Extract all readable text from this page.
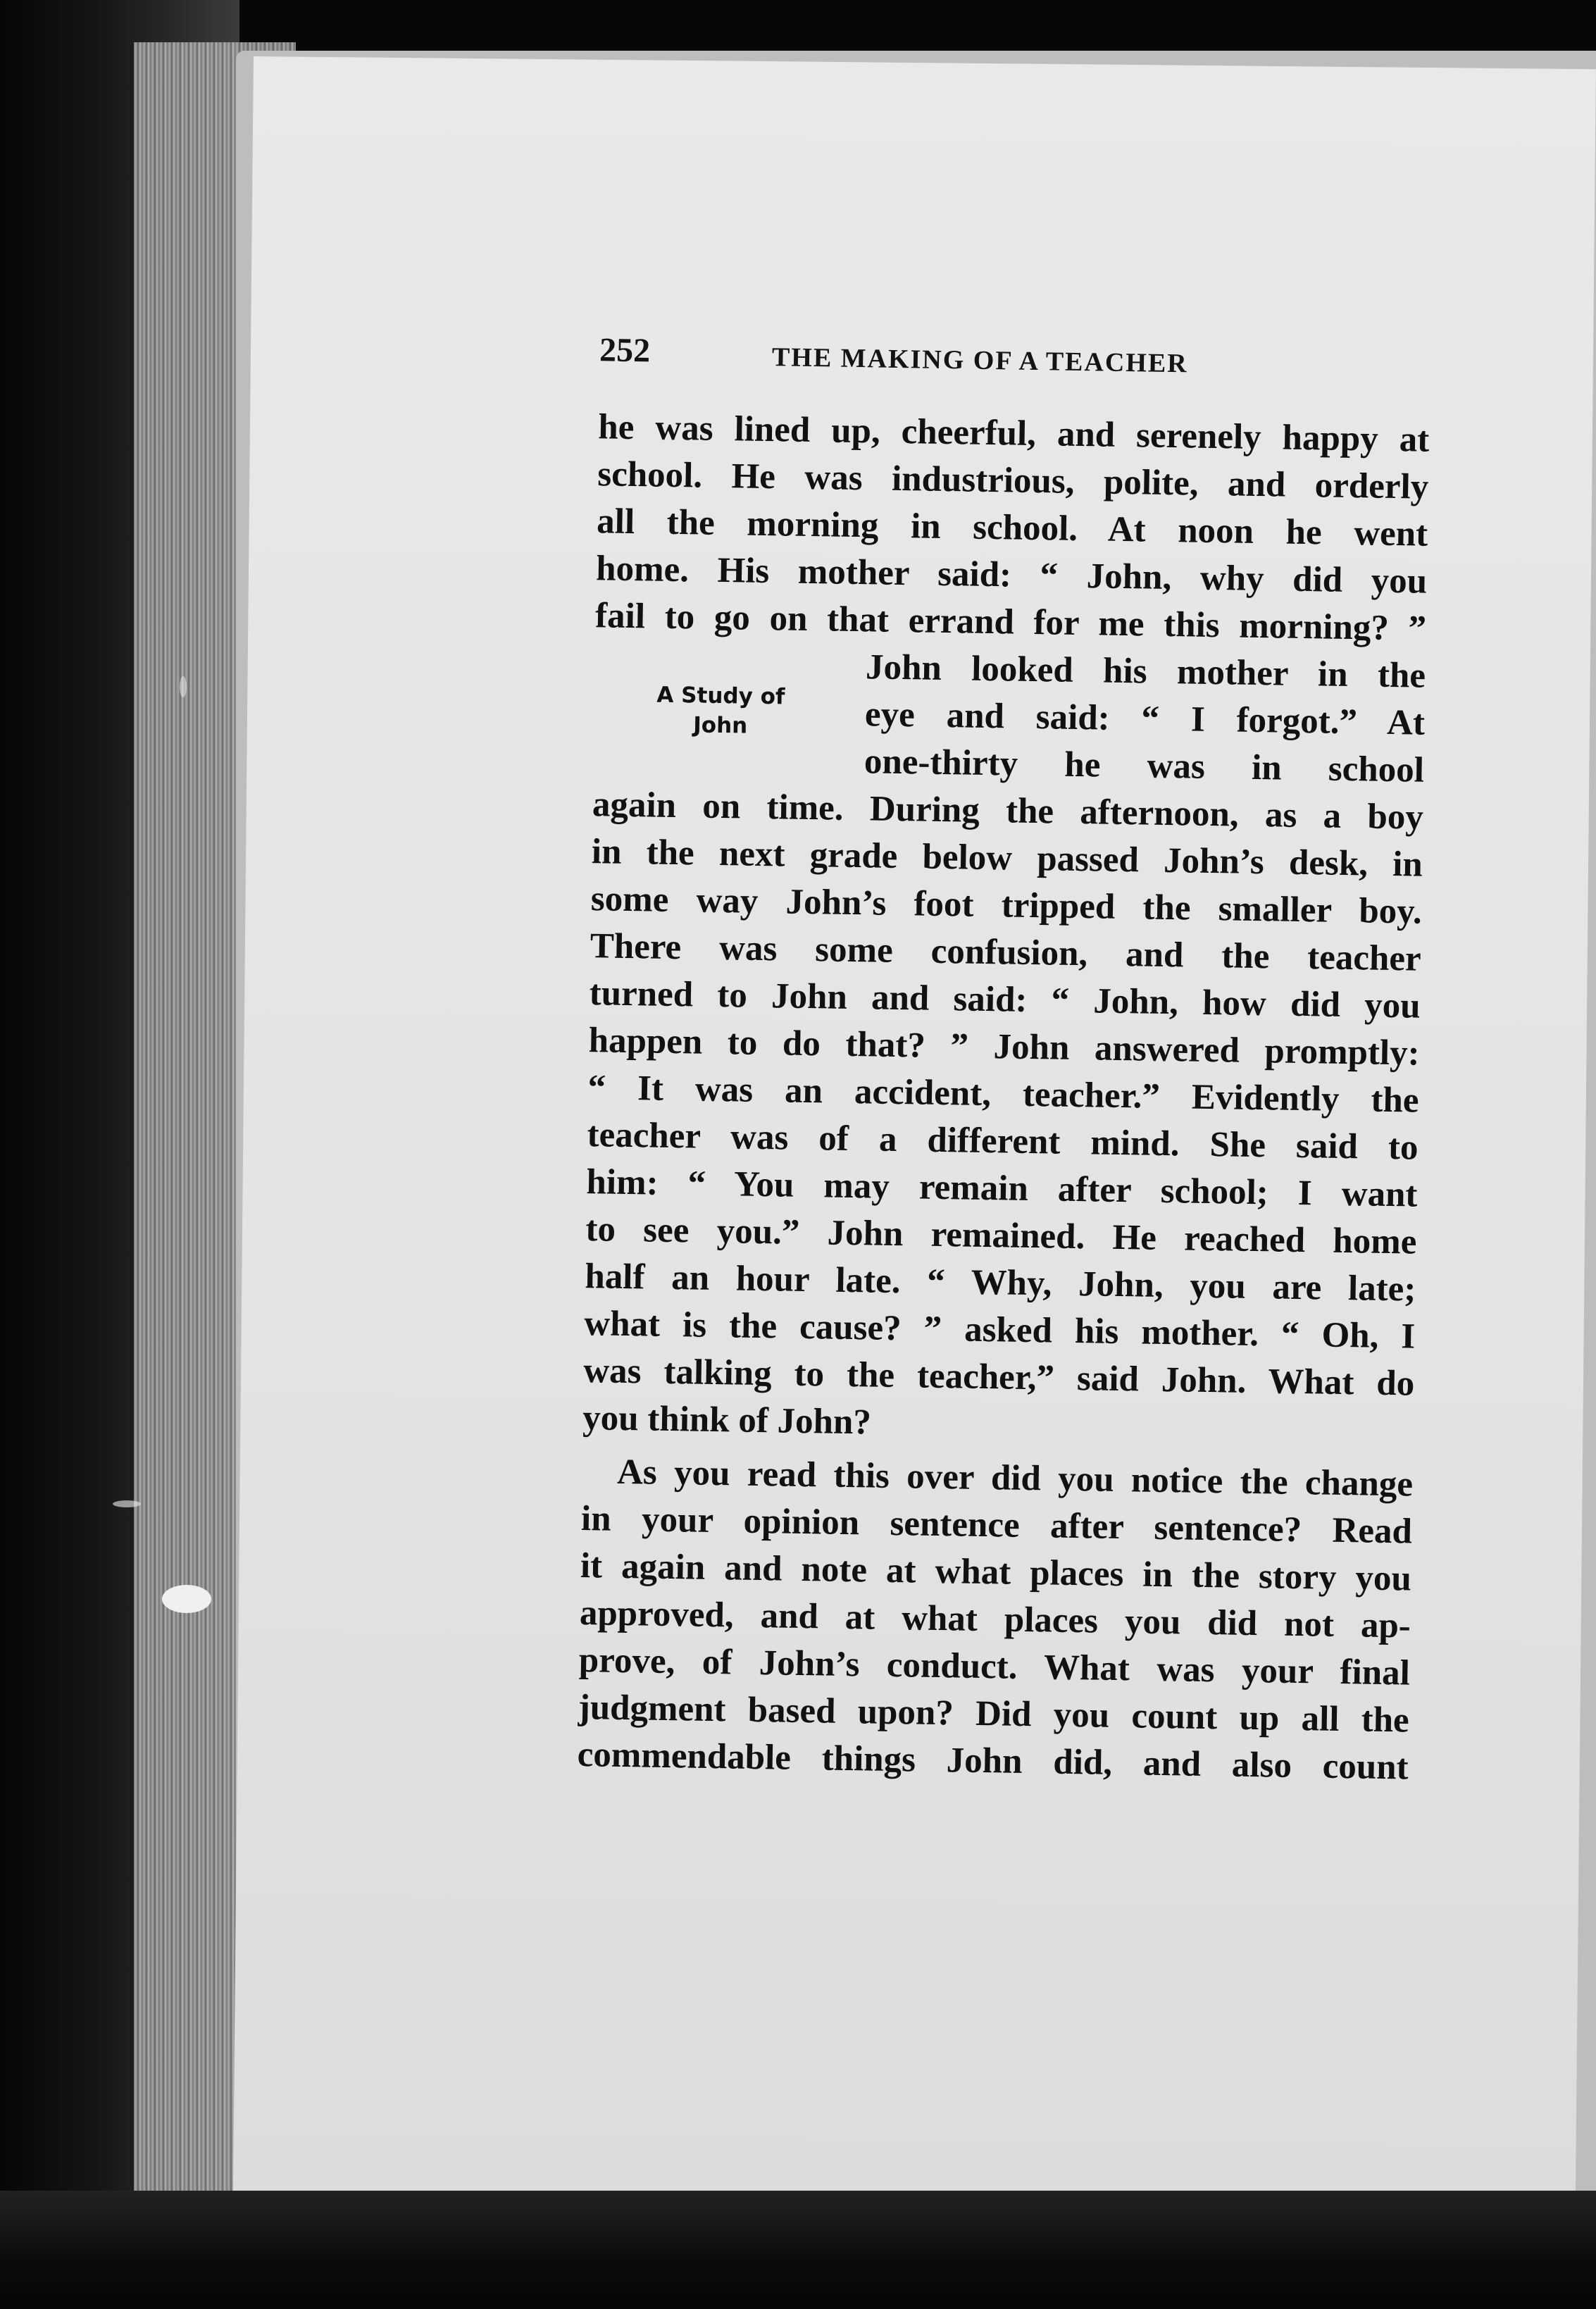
252	THE MAKING OF A TEACHER
A Study of
John
he was lined up, cheerful, and serenely happy at
school. He was industrious, polite, and orderly
all the morning in school. At noon he went
home. His mother said: “ John, why did you
fail to go on that errand for me this morning? ”
John looked his mother in the
eye and said: “ I forgot.” At
one-thirty he was in school
again on time. During the afternoon, as a boy
in the next grade below passed John’s desk, in
some way John’s foot tripped the smaller boy.
There was some confusion, and the teacher
turned to John and said: “ John, how did you
happen to do that? ” John answered promptly:
“ It was an accident, teacher.” Evidently the
teacher was of a different mind. She said to
him: “ You may remain after school; I want
to see you.” John remained. He reached home
half an hour late. “ Why, John, you are late;
what is the cause? ” asked his mother. “ Oh, I
was talking to the teacher,” said John. What do
you think of John?
As you read this over did you notice the change
in your opinion sentence after sentence? Read
it again and note at what places in the story you
approved, and at what places you did not ap-
prove, of John’s conduct. What was your final
judgment based upon? Did you count up all the
commendable things John did, and also count
